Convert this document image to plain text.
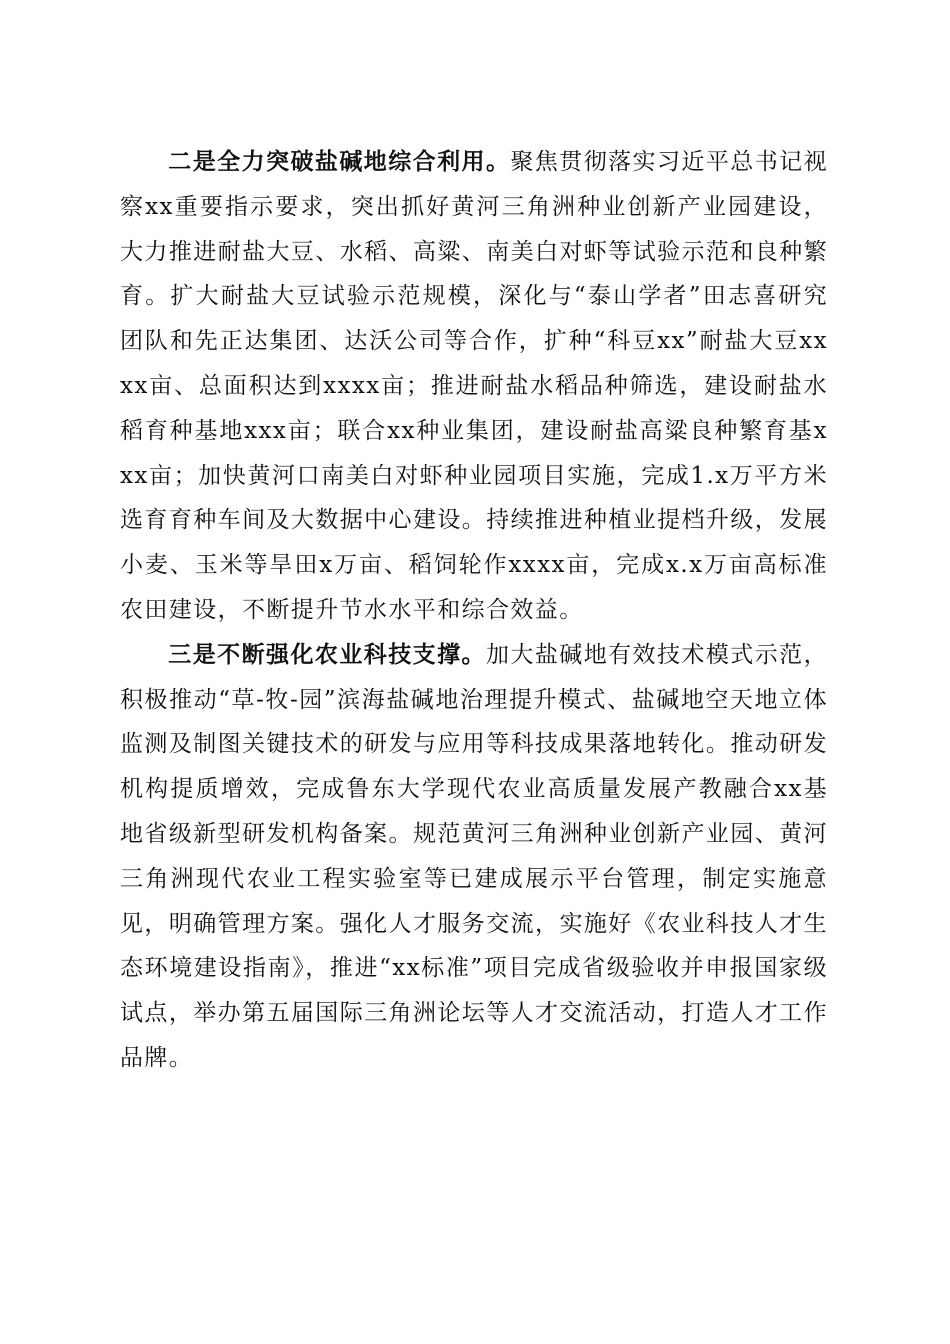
二是全力突破盐碱地综合利用。聚焦贯彻落实习近平总书记视察xx重要指示要求，突出抓好黄河三角洲种业创新产业园建设，大力推进耐盐大豆、水稻、高粱、南美白对虾等试验示范和良种繁育。扩大耐盐大豆试验示范规模，深化与“泰山学者”田志喜研究团队和先正达集团、达沃公司等合作，扩种“科豆xx”耐盐大豆xxxx亩、总面积达到xxxx亩；推进耐盐水稻品种筛选，建设耐盐水稻育种基地xxx亩；联合xx种业集团，建设耐盐高粱良种繁育基xxx亩；加快黄河口南美白对虾种业园项目实施，完成1.x万平方米选育育种车间及大数据中心建设。持续推进种植业提档升级，发展小麦、玉米等旱田x万亩、稻饲轮作xxxx亩，完成x.x万亩高标准农田建设，不断提升节水水平和综合效益。

三是不断强化农业科技支撑。加大盐碱地有效技术模式示范，积极推动“草-牧-园”滨海盐碱地治理提升模式、盐碱地空天地立体监测及制图关键技术的研发与应用等科技成果落地转化。推动研发机构提质增效，完成鲁东大学现代农业高质量发展产教融合xx基地省级新型研发机构备案。规范黄河三角洲种业创新产业园、黄河三角洲现代农业工程实验室等已建成展示平台管理，制定实施意见，明确管理方案。强化人才服务交流，实施好《农业科技人才生态环境建设指南》，推进“xx标准”项目完成省级验收并申报国家级试点，举办第五届国际三角洲论坛等人才交流活动，打造人才工作品牌。
